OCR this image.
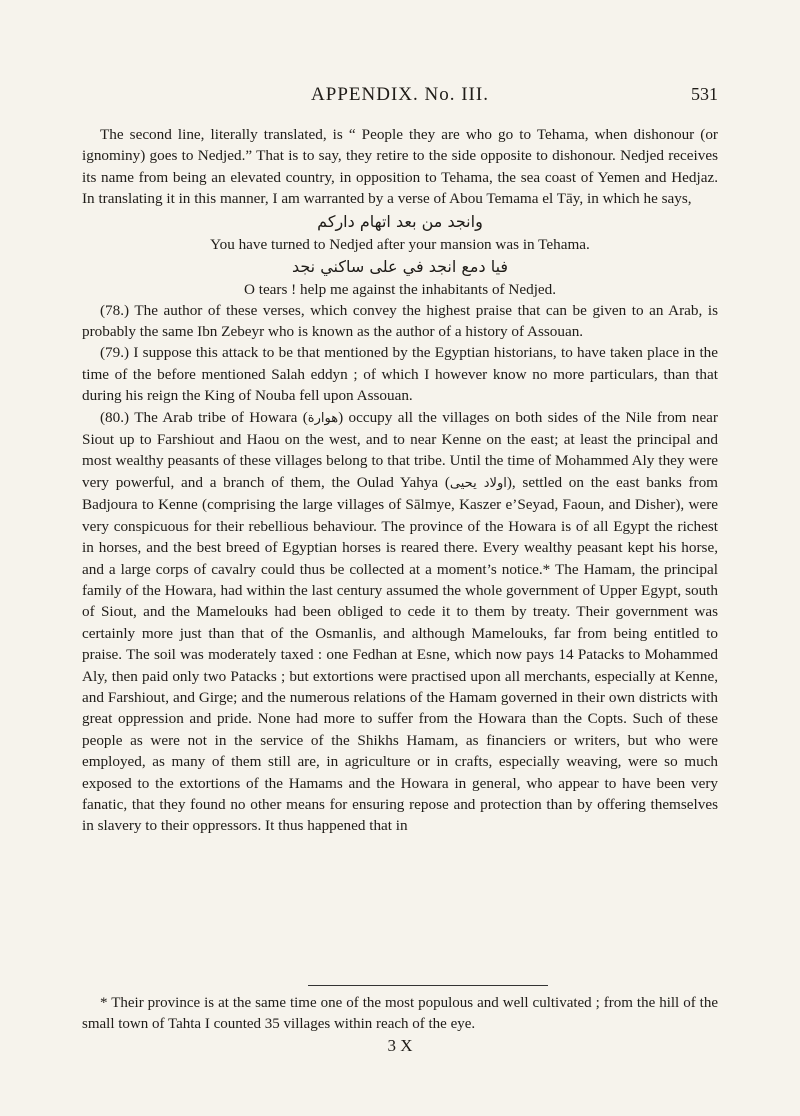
APPENDIX. No. III.	531

The second line, literally translated, is “ People they are who go to Tehama, when dishonour (or ignominy) goes to Nedjed.” That is to say, they retire to the side opposite to dishonour. Nedjed receives its name from being an elevated country, in opposition to Tehama, the sea coast of Yemen and Hedjaz. In translating it in this manner, I am warranted by a verse of Abou Temama el Tāy, in which he says,

وانجد من بعد اتهام داركم
You have turned to Nedjed after your mansion was in Tehama.
فيا دمع انجد في على ساكني نجد
O tears ! help me against the inhabitants of Nedjed.

(78.) The author of these verses, which convey the highest praise that can be given to an Arab, is probably the same Ibn Zebeyr who is known as the author of a history of Assouan.

(79.) I suppose this attack to be that mentioned by the Egyptian historians, to have taken place in the time of the before mentioned Salah eddyn ; of which I however know no more particulars, than that during his reign the King of Nouba fell upon Assouan.

(80.) The Arab tribe of Howara (هوارة) occupy all the villages on both sides of the Nile from near Siout up to Farshiout and Haou on the west, and to near Kenne on the east; at least the principal and most wealthy peasants of these villages belong to that tribe. Until the time of Mohammed Aly they were very powerful, and a branch of them, the Oulad Yahya (اولاد يحيى), settled on the east banks from Badjoura to Kenne (comprising the large villages of Sālmye, Kaszer e’Seyad, Faoun, and Disher), were very conspicuous for their rebellious behaviour. The province of the Howara is of all Egypt the richest in horses, and the best breed of Egyptian horses is reared there. Every wealthy peasant kept his horse, and a large corps of cavalry could thus be collected at a moment’s notice.* The Hamam, the principal family of the Howara, had within the last century assumed the whole government of Upper Egypt, south of Siout, and the Mamelouks had been obliged to cede it to them by treaty. Their government was certainly more just than that of the Osmanlis, and although Mamelouks, far from being entitled to praise. The soil was moderately taxed : one Fedhan at Esne, which now pays 14 Patacks to Mohammed Aly, then paid only two Patacks ; but extortions were practised upon all merchants, especially at Kenne, and Farshiout, and Girge; and the numerous relations of the Hamam governed in their own districts with great oppression and pride. None had more to suffer from the Howara than the Copts. Such of these people as were not in the service of the Shikhs Hamam, as financiers or writers, but who were employed, as many of them still are, in agriculture or in crafts, especially weaving, were so much exposed to the extortions of the Hamams and the Howara in general, who appear to have been very fanatic, that they found no other means for ensuring repose and protection than by offering themselves in slavery to their oppressors. It thus happened that in

* Their province is at the same time one of the most populous and well cultivated ; from the hill of the small town of Tahta I counted 35 villages within reach of the eye.
3 X
